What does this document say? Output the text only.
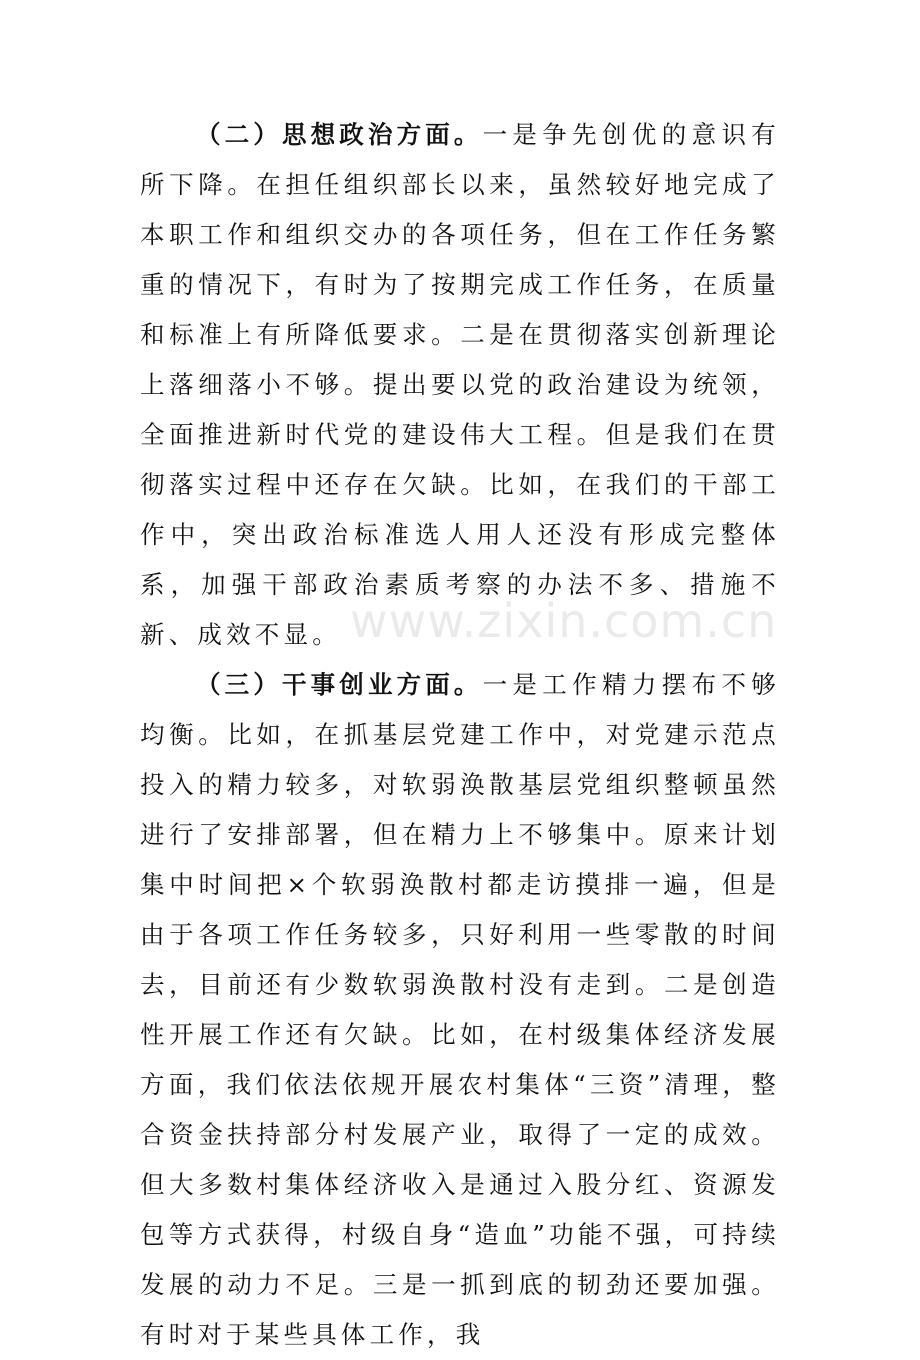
（二）思想政治方面。一是争先创优的意识有所下降。在担任组织部长以来，虽然较好地完成了本职工作和组织交办的各项任务，但在工作任务繁重的情况下，有时为了按期完成工作任务，在质量和标准上有所降低要求。二是在贯彻落实创新理论上落细落小不够。提出要以党的政治建设为统领，全面推进新时代党的建设伟大工程。但是我们在贯彻落实过程中还存在欠缺。比如，在我们的干部工作中，突出政治标准选人用人还没有形成完整体系，加强干部政治素质考察的办法不多、措施不新、成效不显。

（三）干事创业方面。一是工作精力摆布不够均衡。比如，在抓基层党建工作中，对党建示范点投入的精力较多，对软弱涣散基层党组织整顿虽然进行了安排部署，但在精力上不够集中。原来计划集中时间把×个软弱涣散村都走访摸排一遍，但是由于各项工作任务较多，只好利用一些零散的时间去，目前还有少数软弱涣散村没有走到。二是创造性开展工作还有欠缺。比如，在村级集体经济发展方面，我们依法依规开展农村集体“三资”清理，整合资金扶持部分村发展产业，取得了一定的成效。但大多数村集体经济收入是通过入股分红、资源发包等方式获得，村级自身“造血”功能不强，可持续发展的动力不足。三是一抓到底的韧劲还要加强。有时对于某些具体工作，我

www.zixin.com.cn
